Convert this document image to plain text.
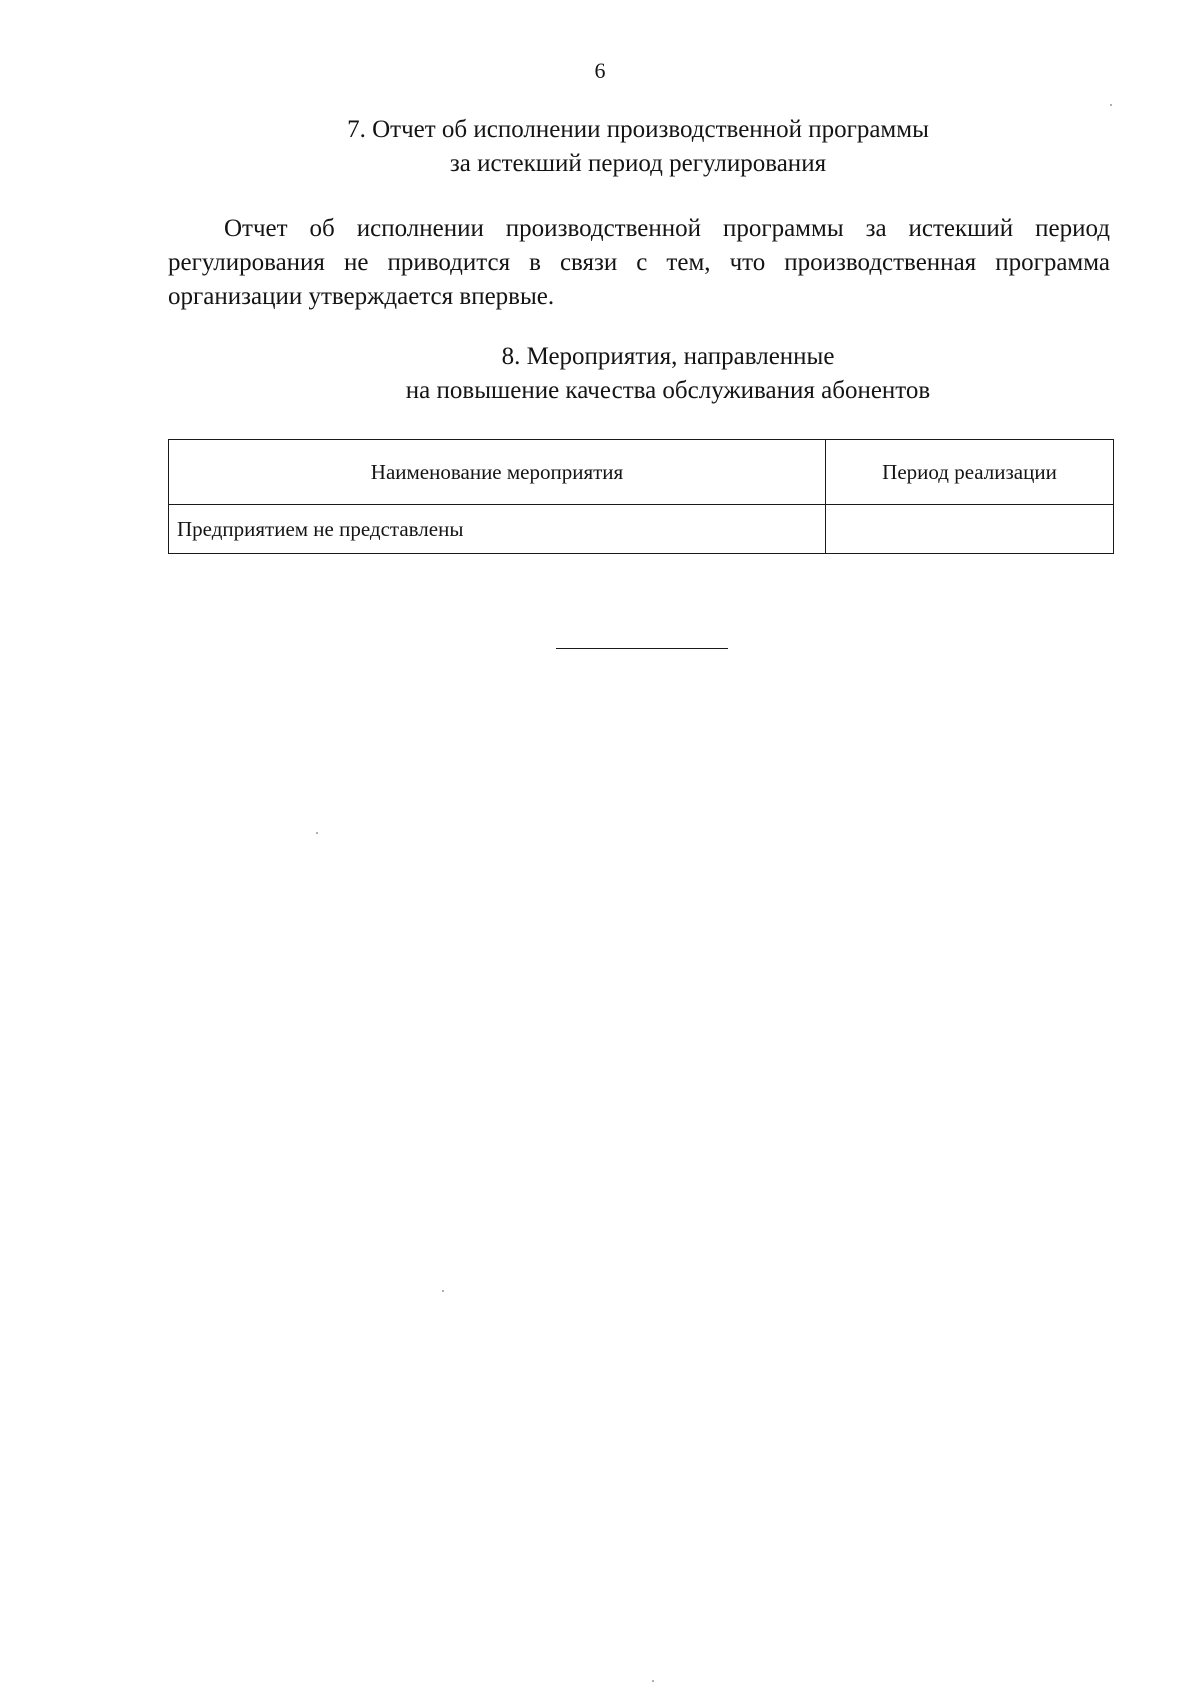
6
7. Отчет об исполнении производственной программы
за истекший период регулирования
Отчет об исполнении производственной программы за истекший период регулирования не приводится в связи с тем, что производственная программа организации утверждается впервые.
8. Мероприятия, направленные
на повышение качества обслуживания абонентов
Наименование мероприятия	Период реализации
Предприятием не представлены	
